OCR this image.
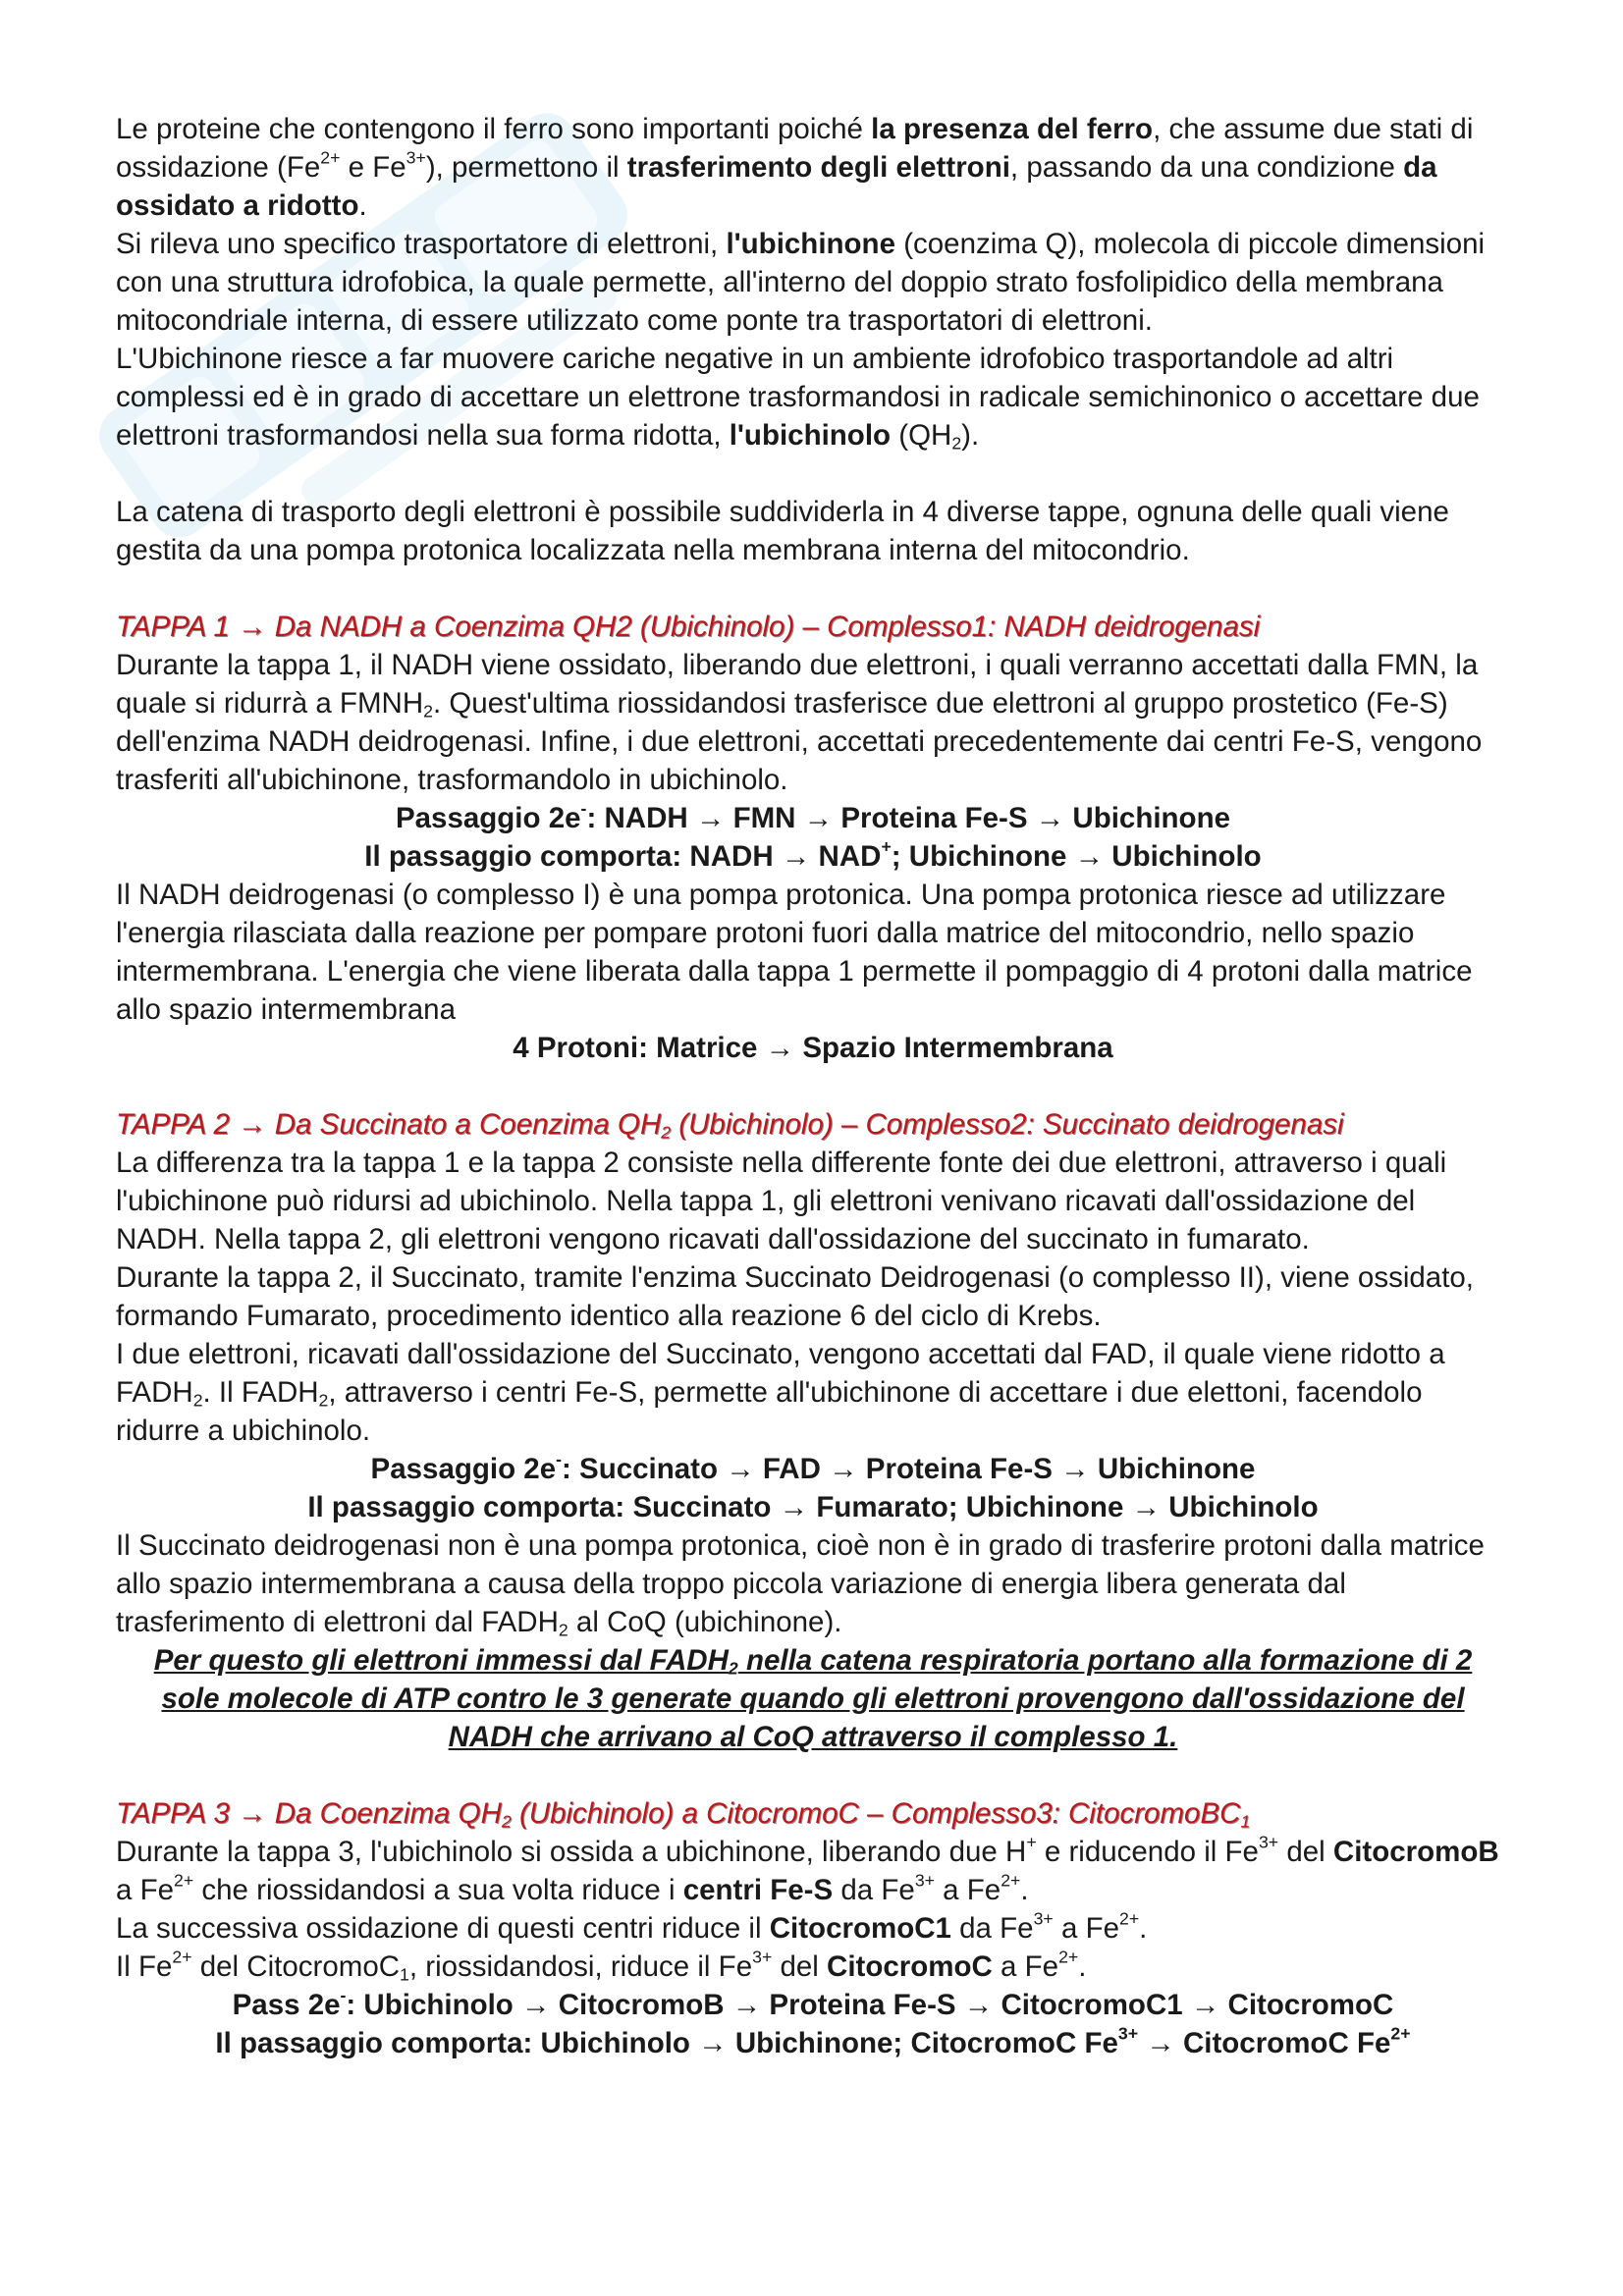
Le proteine che contengono il ferro sono importanti poiché la presenza del ferro, che assume due stati di ossidazione ($Fe^{2+}$ e $Fe^{3+}$), permettono il trasferimento degli elettroni, passando da una condizione da ossidato a ridotto.

Si rileva uno specifico trasportatore di elettroni, l'ubichinone (coenzima Q), molecola di piccole dimensioni con una struttura idrofobica, la quale permette, all'interno del doppio strato fosfolipidico della membrana mitocondriale interna, di essere utilizzato come ponte tra trasportatori di elettroni.

L'Ubichinone riesce a far muovere cariche negative in un ambiente idrofobico trasportandole ad altri complessi ed è in grado di accettare un elettrone trasformandosi in radicale semichinonico o accettare due elettroni trasformandosi nella sua forma ridotta, l'ubichinolo $(QH_2)$.

La catena di trasporto degli elettroni è possibile suddividerla in 4 diverse tappe, ognuna delle quali viene gestita da una pompa protonica localizzata nella membrana interna del mitocondrio.

TAPPA 1 → Da NADH a Coenzima QH2 (Ubichinolo) – Complesso1: NADH deidrogenasi

Durante la tappa 1, il NADH viene ossidato, liberando due elettroni, i quali verranno accettati dalla FMN, la quale si ridurrà a $FMNH_2$. Quest'ultima riossidandosi trasferisce due elettroni al gruppo prostetico (Fe-S) dell'enzima NADH deidrogenasi. Infine, i due elettroni, accettati precedentemente dai centri Fe-S, vengono trasferiti all'ubichinone, trasformandolo in ubichinolo.

Passaggio 2e-: NADH → FMN → Proteina Fe-S → Ubichinone

Il passaggio comporta: NADH → NAD+; Ubichinone → Ubichinolo

Il NADH deidrogenasi (o complesso I) è una pompa protonica. Una pompa protonica riesce ad utilizzare l'energia rilasciata dalla reazione per pompare protoni fuori dalla matrice del mitocondrio, nello spazio intermembrana. L'energia che viene liberata dalla tappa 1 permette il pompaggio di 4 protoni dalla matrice allo spazio intermembrana

4 Protoni: Matrice → Spazio Intermembrana

TAPPA 2 → Da Succinato a Coenzima $QH_2$ (Ubichinolo) – Complesso2: Succinato deidrogenasi

La differenza tra la tappa 1 e la tappa 2 consiste nella differente fonte dei due elettroni, attraverso i quali l'ubichinone può ridursi ad ubichinolo. Nella tappa 1, gli elettroni venivano ricavati dall'ossidazione del NADH. Nella tappa 2, gli elettroni vengono ricavati dall'ossidazione del succinato in fumarato.

Durante la tappa 2, il Succinato, tramite l'enzima Succinato Deidrogenasi (o complesso II), viene ossidato, formando Fumarato, procedimento identico alla reazione 6 del ciclo di Krebs.

I due elettroni, ricavati dall'ossidazione del Succinato, vengono accettati dal FAD, il quale viene ridotto a $FADH_2$. Il $FADH_2$, attraverso i centri Fe-S, permette all'ubichinone di accettare i due elettoni, facendolo ridurre a ubichinolo.

Passaggio 2e-: Succinato → FAD → Proteina Fe-S → Ubichinone

Il passaggio comporta: Succinato → Fumarato; Ubichinone → Ubichinolo

Il Succinato deidrogenasi non è una pompa protonica, cioè non è in grado di trasferire protoni dalla matrice allo spazio intermembrana a causa della troppo piccola variazione di energia libera generata dal trasferimento di elettroni dal $FADH_2$ al CoQ (ubichinone).

Per questo gli elettroni immessi dal $FADH_2$ nella catena respiratoria portano alla formazione di 2 sole molecole di ATP contro le 3 generate quando gli elettroni provengono dall'ossidazione del NADH che arrivano al CoQ attraverso il complesso 1.

TAPPA 3 → Da Coenzima $QH_2$ (Ubichinolo) a CitocromoC – Complesso3: CitocromoBC$_1$

Durante la tappa 3, l'ubichinolo si ossida a ubichinone, liberando due H+ e riducendo il $Fe^{3+}$ del CitocromoB a $Fe^{2+}$ che riossidandosi a sua volta riduce i centri Fe-S da $Fe^{3+}$ a $Fe^{2+}$.

La successiva ossidazione di questi centri riduce il CitocromoC1 da $Fe^{3+}$ a $Fe^{2+}$.

Il $Fe^{2+}$ del CitocromoC$_1$, riossidandosi, riduce il $Fe^{3+}$ del CitocromoC a $Fe^{2+}$.

Pass 2e-: Ubichinolo → CitocromoB → Proteina Fe-S → CitocromoC1 → CitocromoC

Il passaggio comporta: Ubichinolo → Ubichinone; CitocromoC $Fe^{3+}$ → CitocromoC $Fe^{2+}$
